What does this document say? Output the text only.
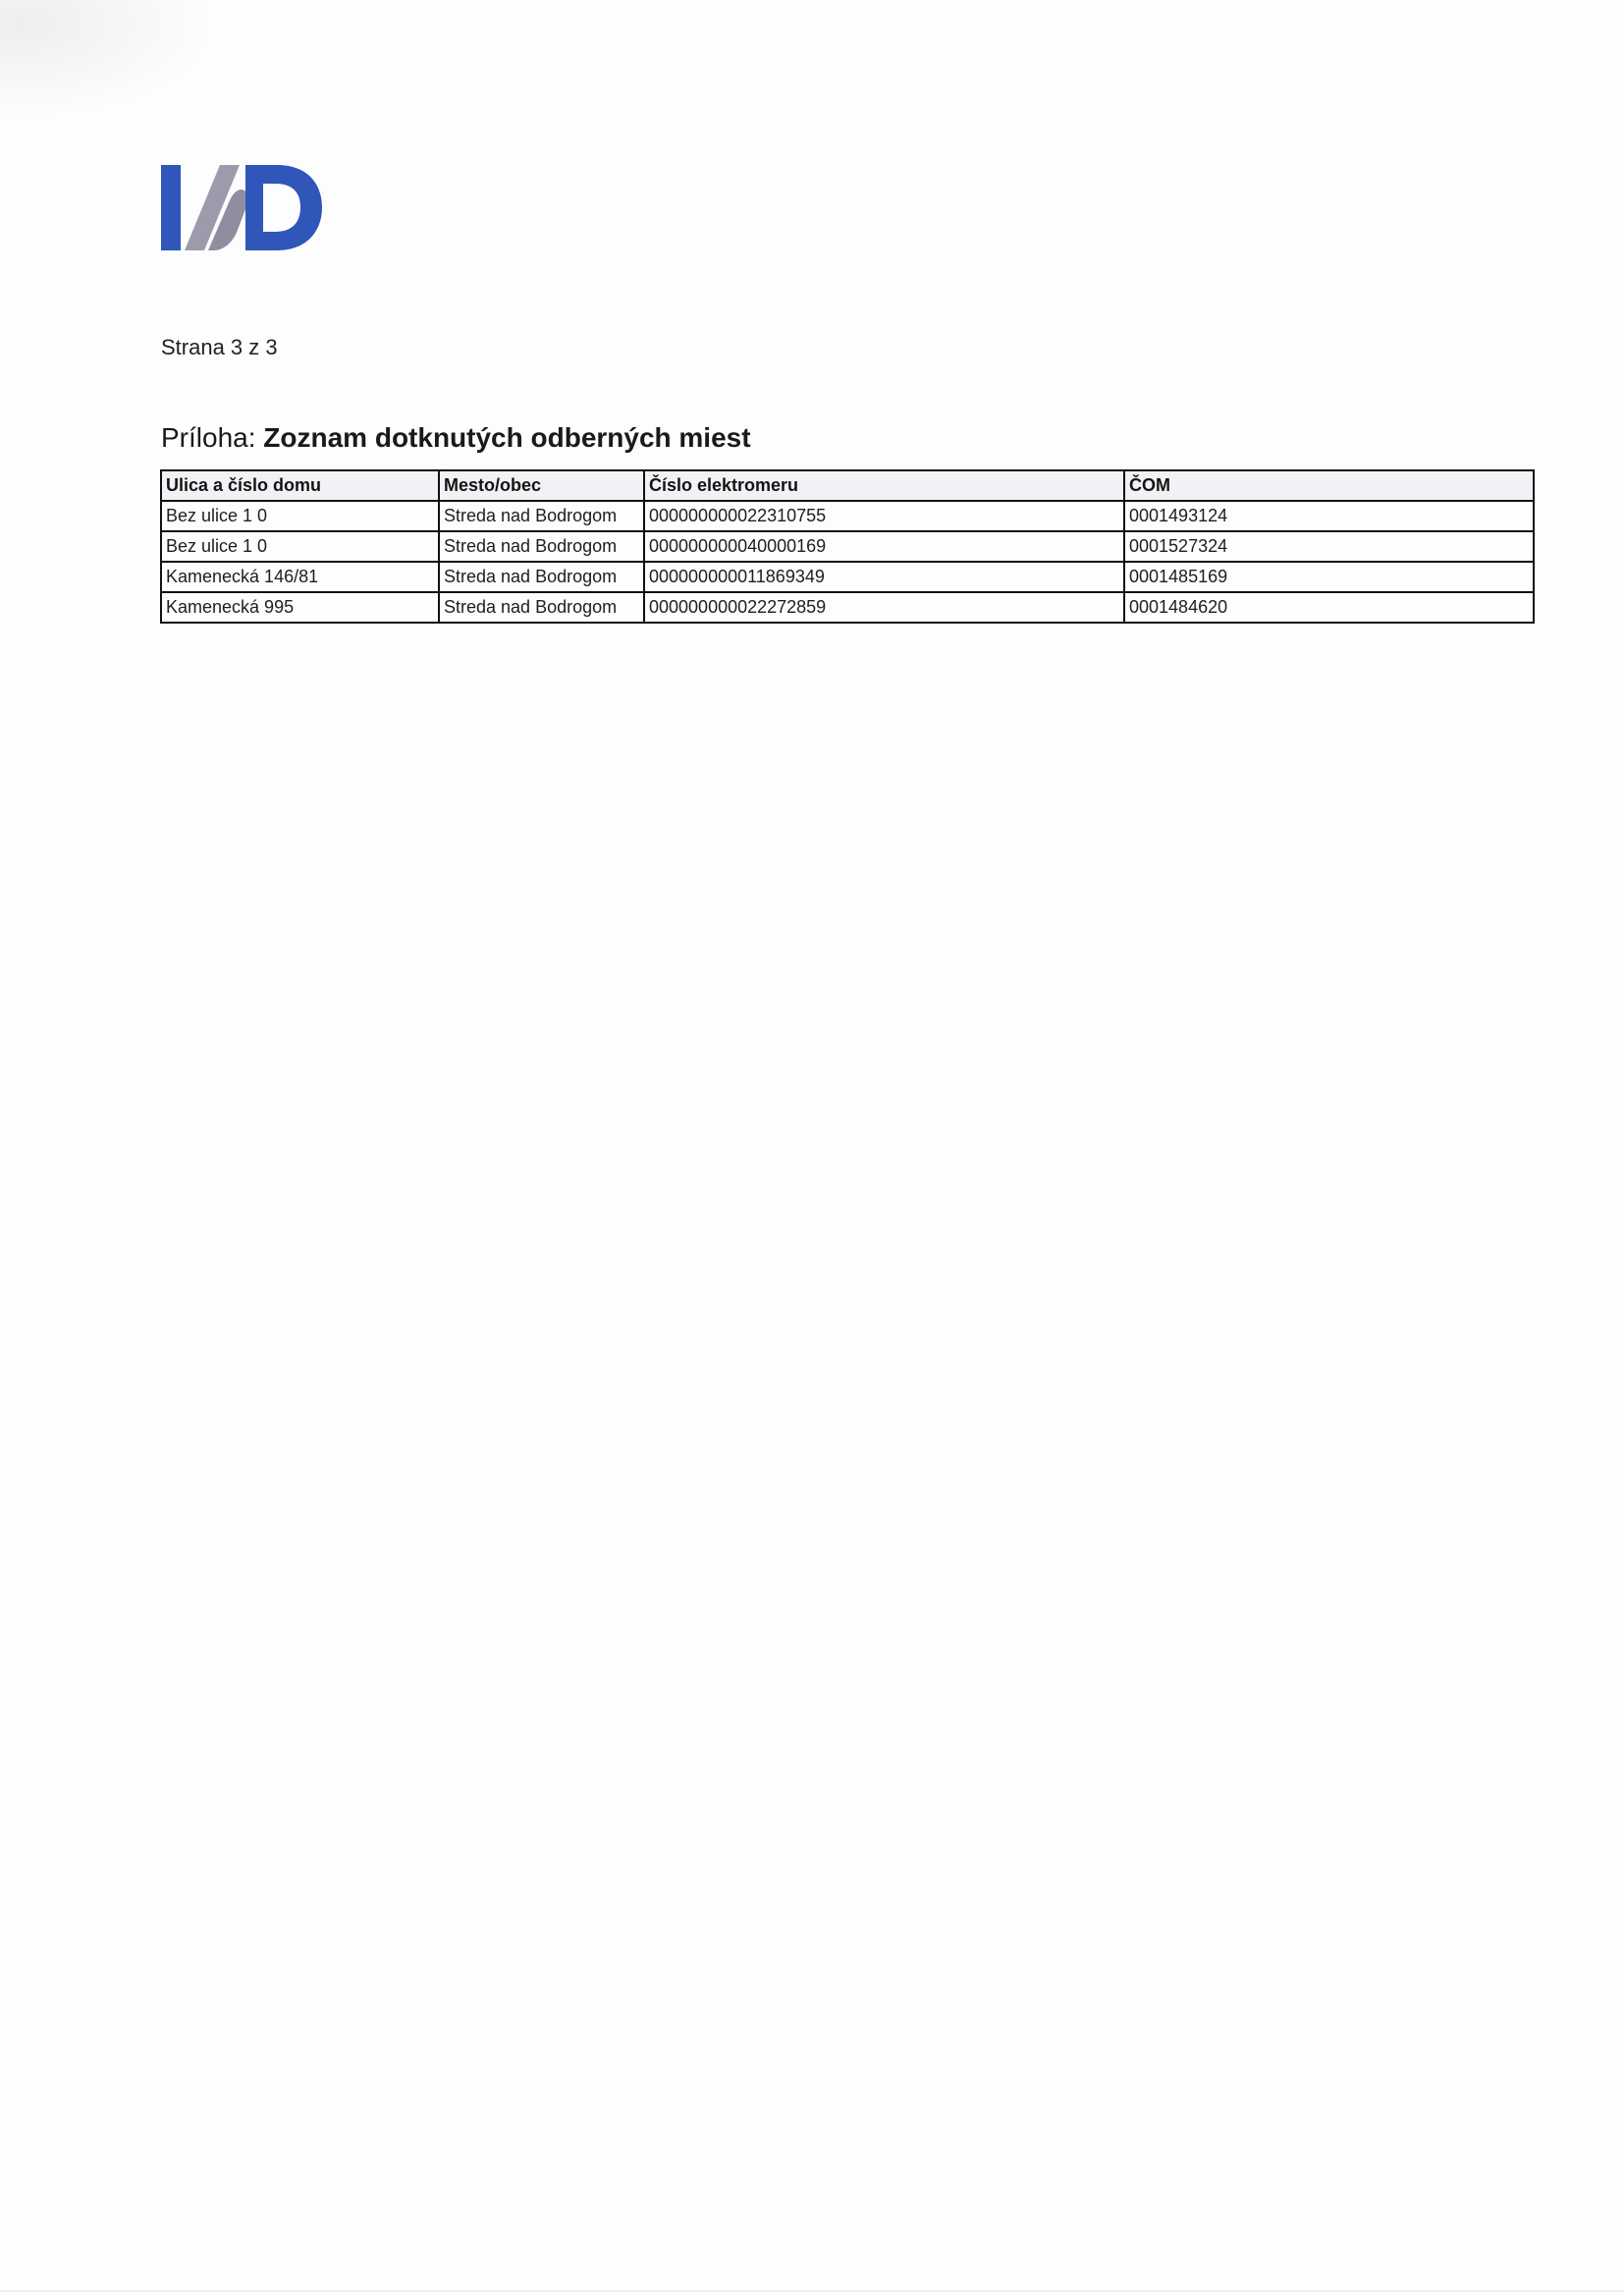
Strana 3 z 3
Príloha: Zoznam dotknutých odberných miest
Ulica a číslo domu	Mesto/obec	Číslo elektromeru	ČOM
Bez ulice 1 0	Streda nad Bodrogom	000000000022310755	0001493124
Bez ulice 1 0	Streda nad Bodrogom	000000000040000169	0001527324
Kamenecká 146/81	Streda nad Bodrogom	000000000011869349	0001485169
Kamenecká 995	Streda nad Bodrogom	000000000022272859	0001484620
